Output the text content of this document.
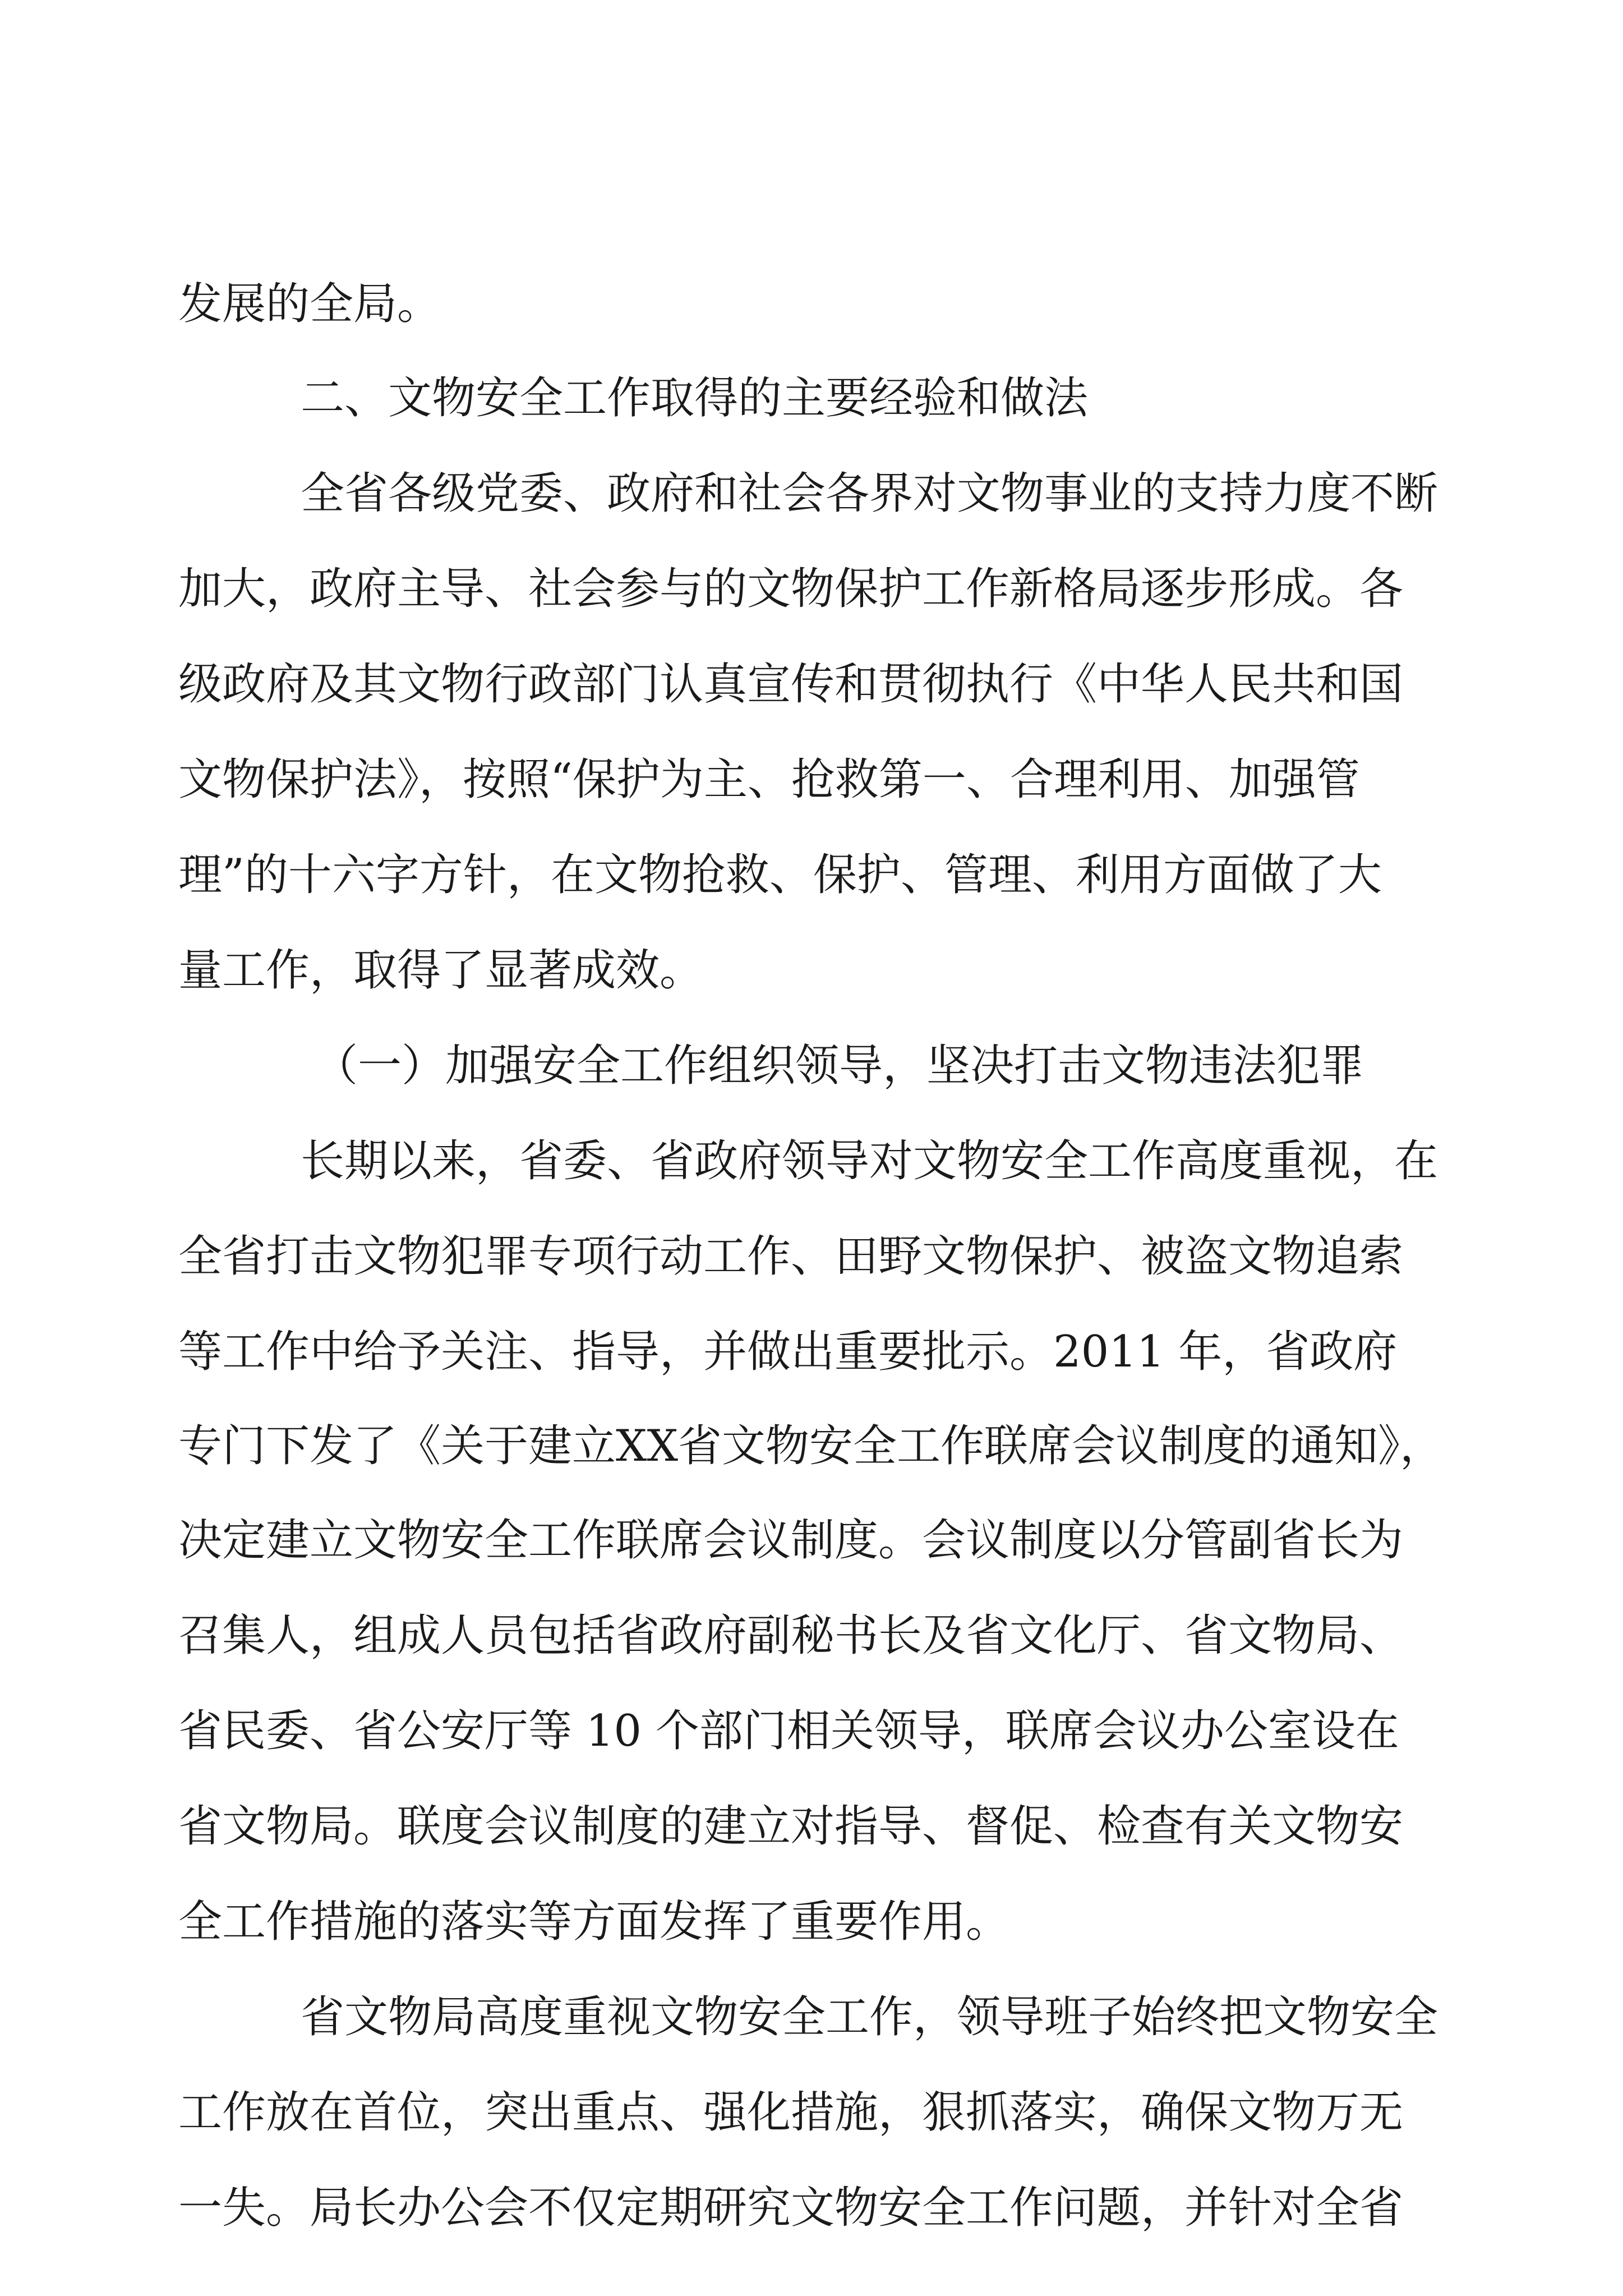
发展的全局。
二、文物安全工作取得的主要经验和做法
全省各级党委、政府和社会各界对文物事业的支持力度不断
加大，政府主导、社会参与的文物保护工作新格局逐步形成。各
级政府及其文物行政部门认真宣传和贯彻执行《中华人民共和国
文物保护法》，按照“保护为主、抢救第一、合理利用、加强管
理”的十六字方针，在文物抢救、保护、管理、利用方面做了大
量工作，取得了显著成效。
（一）加强安全工作组织领导，坚决打击文物违法犯罪
长期以来，省委、省政府领导对文物安全工作高度重视，在
全省打击文物犯罪专项行动工作、田野文物保护、被盗文物追索
等工作中给予关注、指导，并做出重要批示。2011 年，省政府
专门下发了《关于建立XX省文物安全工作联席会议制度的通知》，
决定建立文物安全工作联席会议制度。会议制度以分管副省长为
召集人，组成人员包括省政府副秘书长及省文化厅、省文物局、
省民委、省公安厅等 10 个部门相关领导，联席会议办公室设在
省文物局。联度会议制度的建立对指导、督促、检查有关文物安
全工作措施的落实等方面发挥了重要作用。
省文物局高度重视文物安全工作，领导班子始终把文物安全
工作放在首位，突出重点、强化措施，狠抓落实，确保文物万无
一失。局长办公会不仅定期研究文物安全工作问题，并针对全省
